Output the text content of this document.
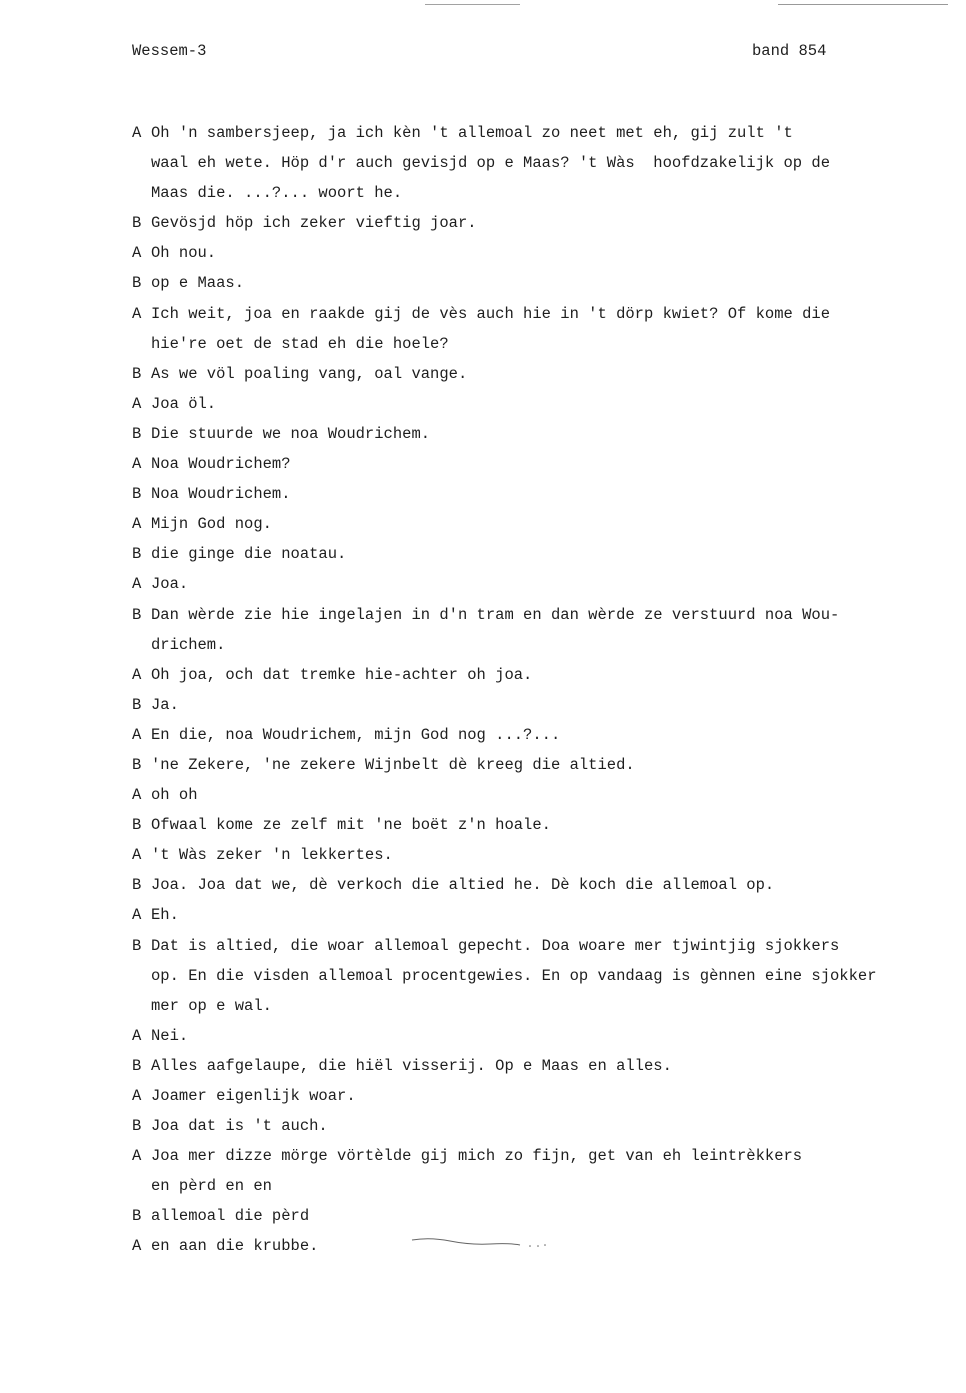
Wessem-3	band 854
A Oh 'n sambersjeep, ja ich kèn 't allemoal zo neet met eh, gij zult 't
waal eh wete. Höp d'r auch gevisjd op e Maas? 't Wàs  hoofdzakelijk op de
Maas die. ...?... woort he.
B Gevösjd höp ich zeker vieftig joar.
A Oh nou.
B op e Maas.
A Ich weit, joa en raakde gij de vès auch hie in 't dörp kwiet? Of kome die
hie're oet de stad eh die hoele?
B As we völ poaling vang, oal vange.
A Joa öl.
B Die stuurde we noa Woudrichem.
A Noa Woudrichem?
B Noa Woudrichem.
A Mijn God nog.
B die ginge die noatau.
A Joa.
B Dan wèrde zie hie ingelajen in d'n tram en dan wèrde ze verstuurd noa Wou-
drichem.
A Oh joa, och dat tremke hie-achter oh joa.
B Ja.
A En die, noa Woudrichem, mijn God nog ...?...
B 'ne Zekere, 'ne zekere Wijnbelt dè kreeg die altied.
A oh oh
B Ofwaal kome ze zelf mit 'ne boët z'n hoale.
A 't Wàs zeker 'n lekkertes.
B Joa. Joa dat we, dè verkoch die altied he. Dè koch die allemoal op.
A Eh.
B Dat is altied, die woar allemoal gepecht. Doa woare mer tjwintjig sjokkers
op. En die visden allemoal procentgewies. En op vandaag is gènnen eine sjokker
mer op e wal.
A Nei.
B Alles aafgelaupe, die hiël visserij. Op e Maas en alles.
A Joamer eigenlijk woar.
B Joa dat is 't auch.
A Joa mer dizze mörge vörtèlde gij mich zo fijn, get van eh leintrèkkers
en pèrd en en
B allemoal die pèrd
A en aan die krubbe.
